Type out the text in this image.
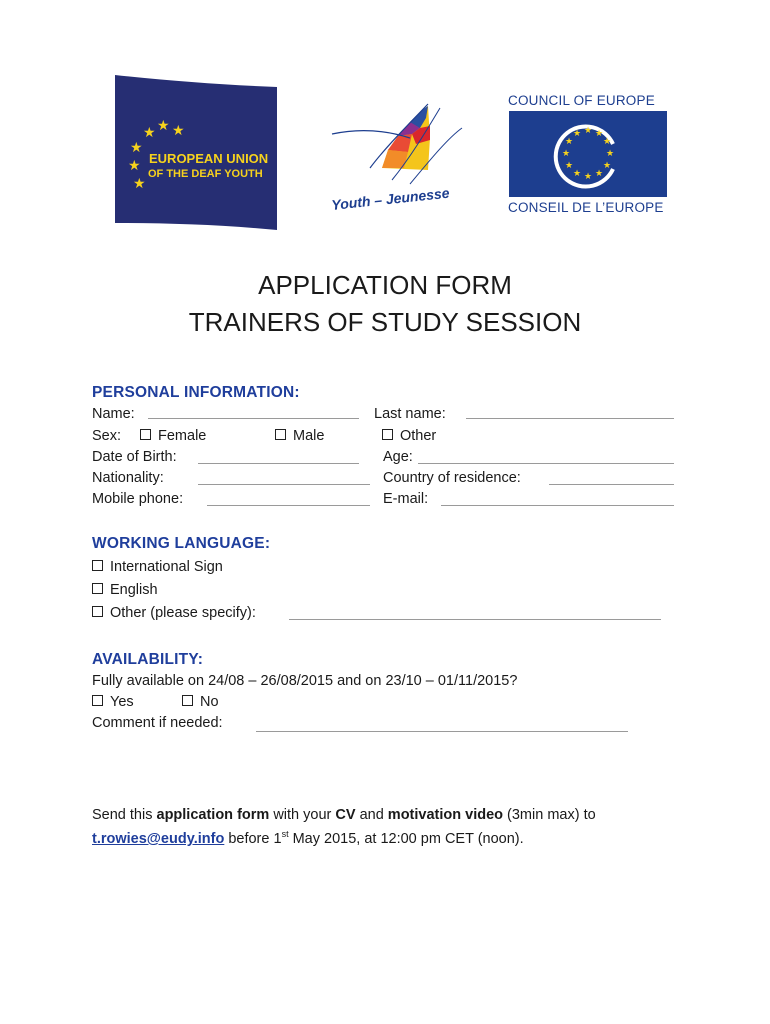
★ ★ ★
★
★
★
EUROPEAN UNION
OF THE DEAF YOUTH
Youth – Jeunesse
COUNCIL OF EUROPE
★ ★
★
★
★
★
★
★
★
★
★
★
CONSEIL DE L’EUROPE
APPLICATION FORM
TRAINERS OF STUDY SESSION
PERSONAL INFORMATION:
Name:	Last name:
Sex:	Female	Male	Other
Date of Birth:	Age:
Nationality:	Country of residence:
Mobile phone:	E-mail:
WORKING LANGUAGE:
International Sign
English
Other (please specify):
AVAILABILITY:
Fully available on 24/08 – 26/08/2015 and on 23/10 – 01/11/2015?
Yes	No
Comment if needed:
Send this application form with your CV and motivation video (3min max) to
t.rowies@eudy.info before 1st May 2015, at 12:00 pm CET (noon).
